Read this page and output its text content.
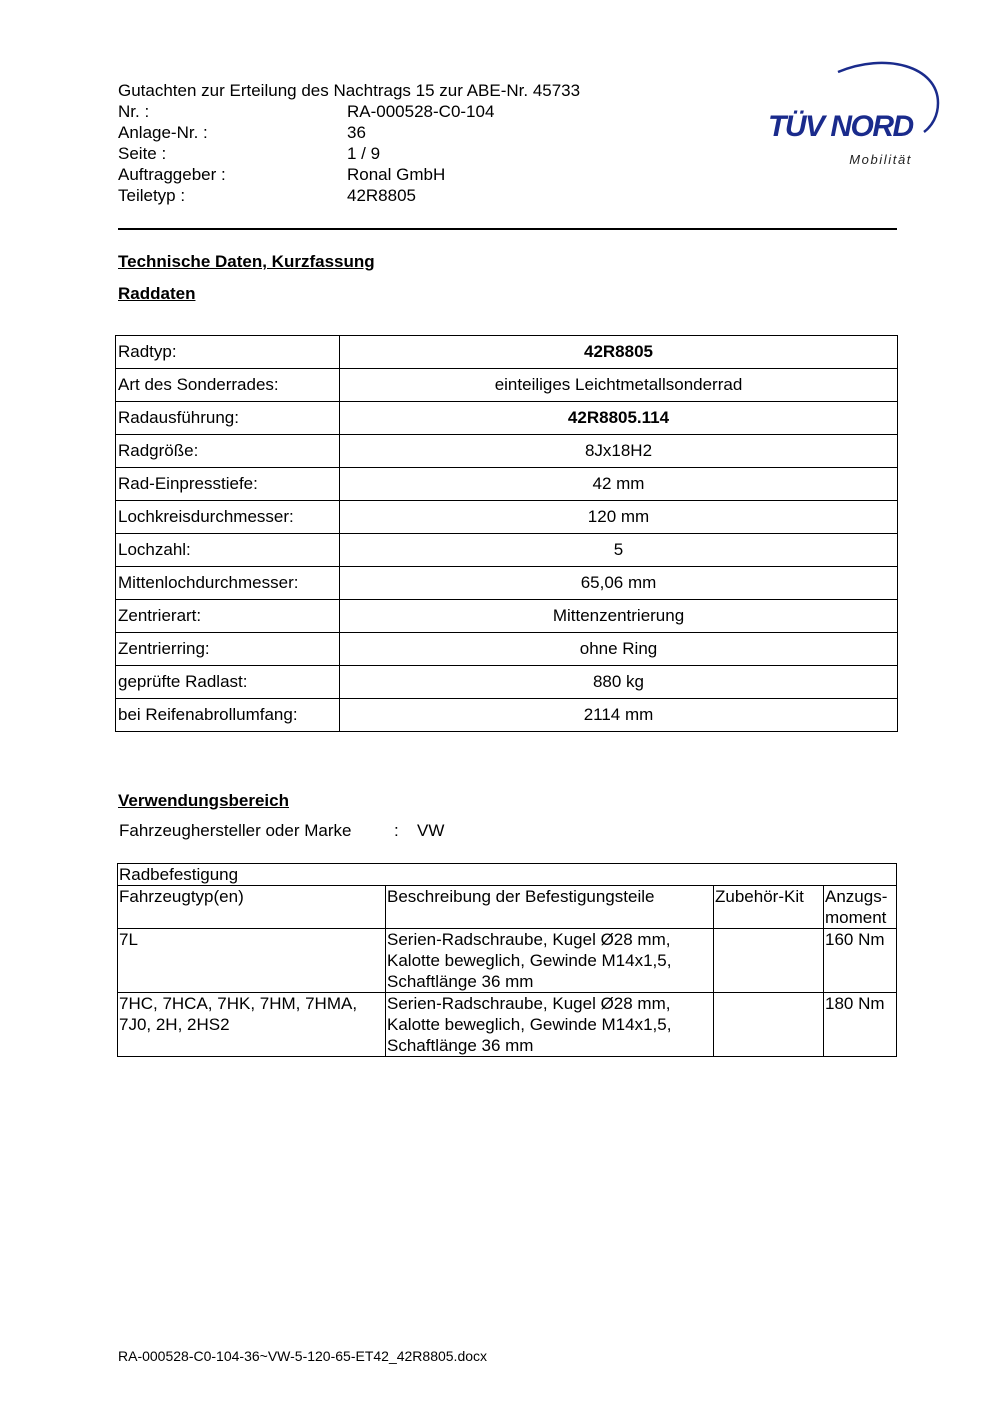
Gutachten zur Erteilung des Nachtrags 15 zur ABE-Nr. 45733
Nr. :	RA-000528-C0-104
Anlage-Nr. :	36
Seite :	1 / 9
Auftraggeber :	Ronal GmbH
Teiletyp :	42R8805
TÜV NORD
Mobilität
Technische Daten, Kurzfassung
Raddaten
Radtyp:	42R8805
Art des Sonderrades:	einteiliges Leichtmetallsonderrad
Radausführung:	42R8805.114
Radgröße:	8Jx18H2
Rad-Einpresstiefe:	42 mm
Lochkreisdurchmesser:	120 mm
Lochzahl:	5
Mittenlochdurchmesser:	65,06 mm
Zentrierart:	Mittenzentrierung
Zentrierring:	ohne Ring
geprüfte Radlast:	880 kg
bei Reifenabrollumfang:	2114 mm
Verwendungsbereich
Fahrzeughersteller oder Marke	:	VW
Radbefestigung			
Fahrzeugtyp(en)	Beschreibung der Befestigungsteile	Zubehör-Kit	Anzugs-
moment
7L	Serien-Radschraube, Kugel Ø28 mm,
Kalotte beweglich, Gewinde M14x1,5,
Schaftlänge 36 mm		160 Nm
7HC, 7HCA, 7HK, 7HM, 7HMA,
7J0, 2H, 2HS2	Serien-Radschraube, Kugel Ø28 mm,
Kalotte beweglich, Gewinde M14x1,5,
Schaftlänge 36 mm		180 Nm
RA-000528-C0-104-36~VW-5-120-65-ET42_42R8805.docx
